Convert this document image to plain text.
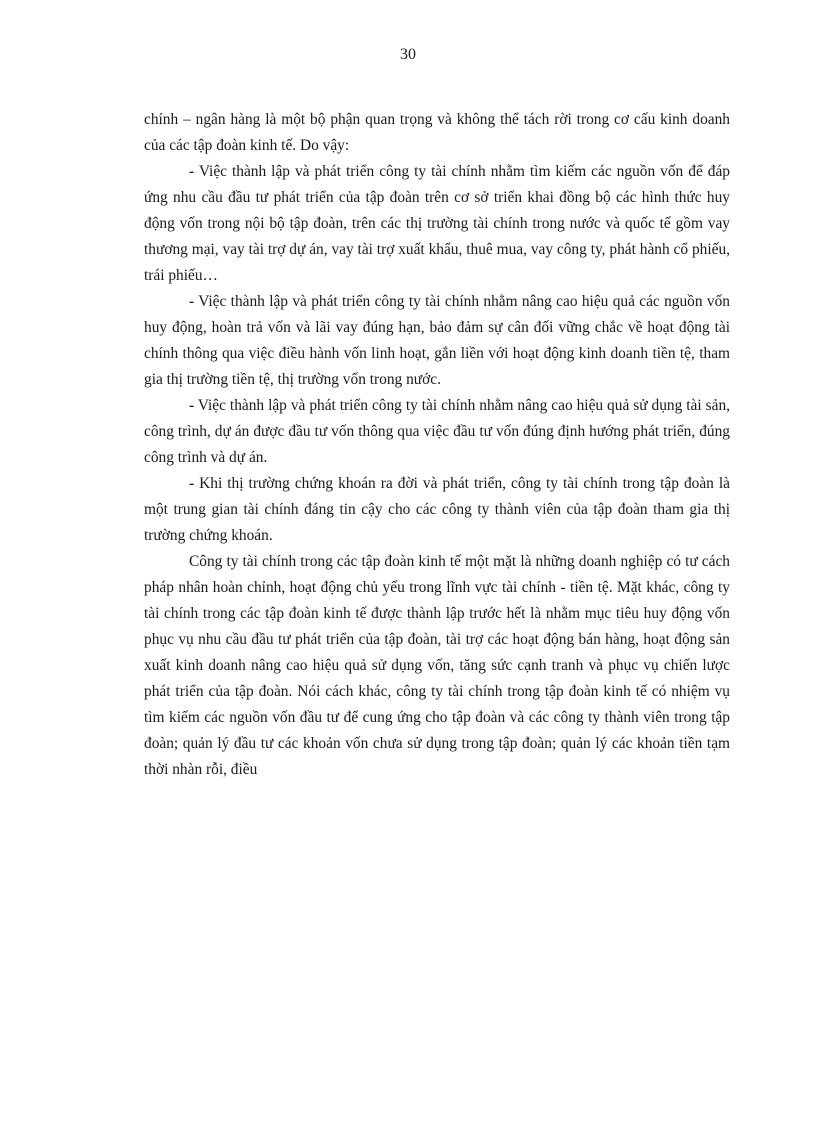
30

chính – ngân hàng là một bộ phận quan trọng và không thể tách rời trong cơ cấu kinh doanh của các tập đoàn kinh tế. Do vậy:

- Việc thành lập và phát triển công ty tài chính nhằm tìm kiếm các nguồn vốn để đáp ứng nhu cầu đầu tư phát triển của tập đoàn trên cơ sở triển khai đồng bộ các hình thức huy động vốn trong nội bộ tập đoàn, trên các thị trường tài chính trong nước và quốc tế gồm vay thương mại, vay tài trợ dự án, vay tài trợ xuất khẩu, thuê mua, vay công ty, phát hành cổ phiếu, trái phiếu…

- Việc thành lập và phát triển công ty tài chính nhằm nâng cao hiệu quả các nguồn vốn huy động, hoàn trả vốn và lãi vay đúng hạn, bảo đảm sự cân đối vững chắc về hoạt động tài chính thông qua việc điều hành vốn linh hoạt, gắn liền với hoạt động kinh doanh tiền tệ, tham gia thị trường tiền tệ, thị trường vốn trong nước.

- Việc thành lập và phát triển công ty tài chính nhằm nâng cao hiệu quả sử dụng tài sản, công trình, dự án được đầu tư vốn thông qua việc đầu tư vốn đúng định hướng phát triển, đúng công trình và dự án.

- Khi thị trường chứng khoán ra đời và phát triển, công ty tài chính trong tập đoàn là một trung gian tài chính đáng tin cậy cho các công ty thành viên của tập đoàn tham gia thị trường chứng khoán.

Công ty tài chính trong các tập đoàn kinh tế một mặt là những doanh nghiệp có tư cách pháp nhân hoàn chỉnh, hoạt động chủ yếu trong lĩnh vực tài chính - tiền tệ. Mặt khác, công ty tài chính trong các tập đoàn kinh tế được thành lập trước hết là nhằm mục tiêu huy động vốn phục vụ nhu cầu đầu tư phát triển của tập đoàn, tài trợ các hoạt động bán hàng, hoạt động sản xuất kinh doanh nâng cao hiệu quả sử dụng vốn, tăng sức cạnh tranh và phục vụ chiến lược phát triển của tập đoàn. Nói cách khác, công ty tài chính trong tập đoàn kinh tế có nhiệm vụ tìm kiếm các nguồn vốn đầu tư để cung ứng cho tập đoàn và các công ty thành viên trong tập đoàn; quản lý đầu tư các khoản vốn chưa sử dụng trong tập đoàn; quản lý các khoản tiền tạm thời nhàn rỗi, điều
